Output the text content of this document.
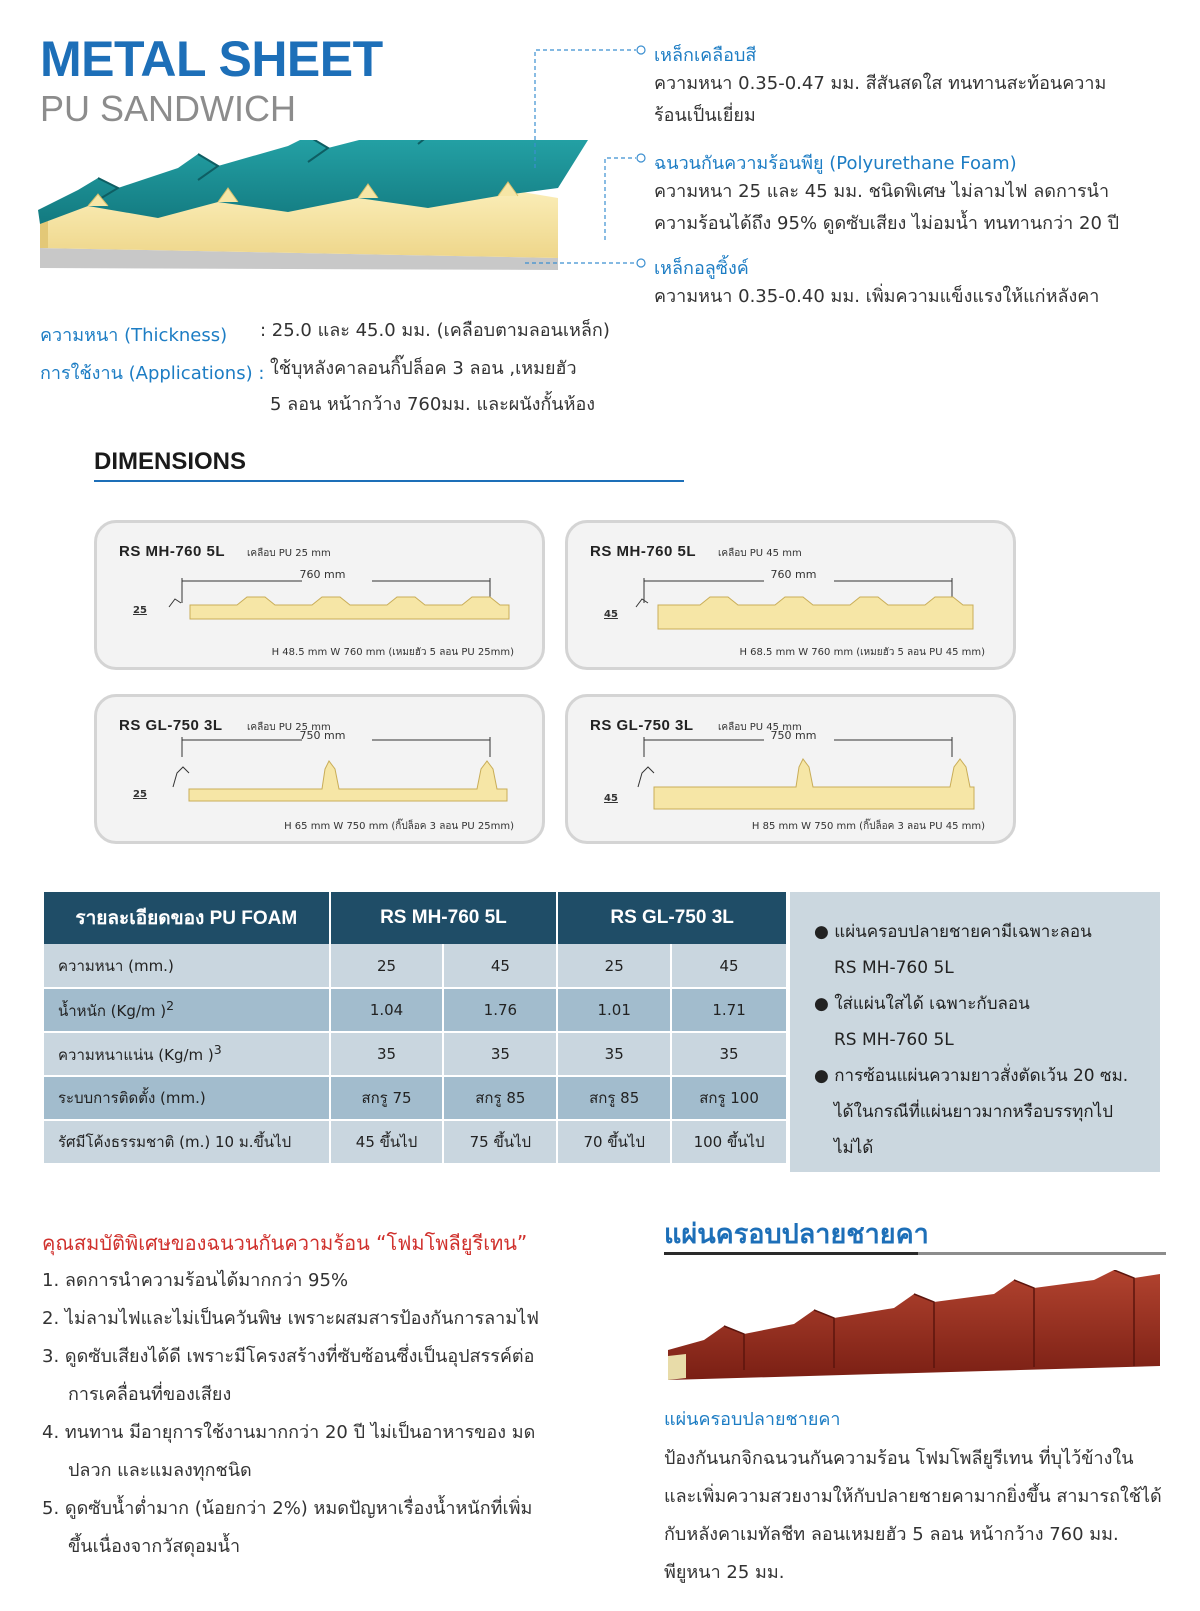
METAL SHEET
PU SANDWICH
เหล็กเคลือบสี
ความหนา 0.35-0.47 มม. สีสันสดใส ทนทานสะท้อนความ
ร้อนเป็นเยี่ยม
ฉนวนกันความร้อนพียู (Polyurethane Foam)
ความหนา 25 และ 45 มม. ชนิดพิเศษ ไม่ลามไฟ ลดการนำ
ความร้อนได้ถึง 95% ดูดซับเสียง ไม่อมน้ำ ทนทานกว่า 20 ปี
เหล็กอลูซิ้งค์
ความหนา 0.35-0.40 มม. เพิ่มความแข็งแรงให้แก่หลังคา
ความหนา (Thickness) : 25.0 และ 45.0 มม. (เคลือบตามลอนเหล็ก)
การใช้งาน (Applications) : ใช้บุหลังคาลอนกิ๊ปล็อค 3 ลอน ,เหมยฮัว
5 ลอน หน้ากว้าง 760มม. และผนังกั้นห้อง
DIMENSIONS
RS MH-760 5L เคลือบ PU 25 mm
760 mm
25
H 48.5 mm W 760 mm (เหมยฮัว 5 ลอน PU 25mm)
RS MH-760 5L เคลือบ PU 45 mm
760 mm
45
H 68.5 mm W 760 mm (เหมยฮัว 5 ลอน PU 45 mm)
RS GL-750 3L เคลือบ PU 25 mm
750 mm
25
H 65 mm W 750 mm (กิ๊ปล็อค 3 ลอน PU 25mm)
RS GL-750 3L เคลือบ PU 45 mm
750 mm
45
H 85 mm W 750 mm (กิ๊ปล็อค 3 ลอน PU 45 mm)
รายละเอียดของ PU FOAM	RS MH-760 5L		RS GL-750 3L	
ความหนา (mm.)	25	45	25	45
น้ำหนัก (Kg/m )$^2$	1.04	1.76	1.01	1.71
ความหนาแน่น (Kg/m )$^3$	35	35	35	35
ระบบการติดตั้ง (mm.)	สกรู 75	สกรู 85	สกรู 85	สกรู 100
รัศมีโค้งธรรมชาติ (m.) 10 ม.ขึ้นไป	45 ขึ้นไป	75 ขึ้นไป	70 ขึ้นไป	100 ขึ้นไป
● แผ่นครอบปลายชายคามีเฉพาะลอน
RS MH-760 5L
● ใส่แผ่นใสได้ เฉพาะกับลอน
RS MH-760 5L
● การซ้อนแผ่นความยาวสั่งตัดเว้น 20 ซม.
ได้ในกรณีที่แผ่นยาวมากหรือบรรทุกไป
ไม่ได้
คุณสมบัติพิเศษของฉนวนกันความร้อน “โฟมโพลียูรีเทน”
1. ลดการนำความร้อนได้มากกว่า 95%
2. ไม่ลามไฟและไม่เป็นควันพิษ เพราะผสมสารป้องกันการลามไฟ
3. ดูดซับเสียงได้ดี เพราะมีโครงสร้างที่ซับซ้อนซึ่งเป็นอุปสรรค์ต่อ
การเคลื่อนที่ของเสียง
4. ทนทาน มีอายุการใช้งานมากกว่า 20 ปี ไม่เป็นอาหารของ มด
ปลวก และแมลงทุกชนิด
5. ดูดซับน้ำต่ำมาก (น้อยกว่า 2%) หมดปัญหาเรื่องน้ำหนักที่เพิ่ม
ขึ้นเนื่องจากวัสดุอมน้ำ
แผ่นครอบปลายชายคา
แผ่นครอบปลายชายคา
ป้องกันนกจิกฉนวนกันความร้อน โฟมโพลียูรีเทน ที่บุไว้ข้างใน
และเพิ่มความสวยงามให้กับปลายชายคามากยิ่งขึ้น สามารถใช้ได้
กับหลังคาเมทัลชีท ลอนเหมยฮัว 5 ลอน หน้ากว้าง 760 มม.
พียูหนา 25 มม.
